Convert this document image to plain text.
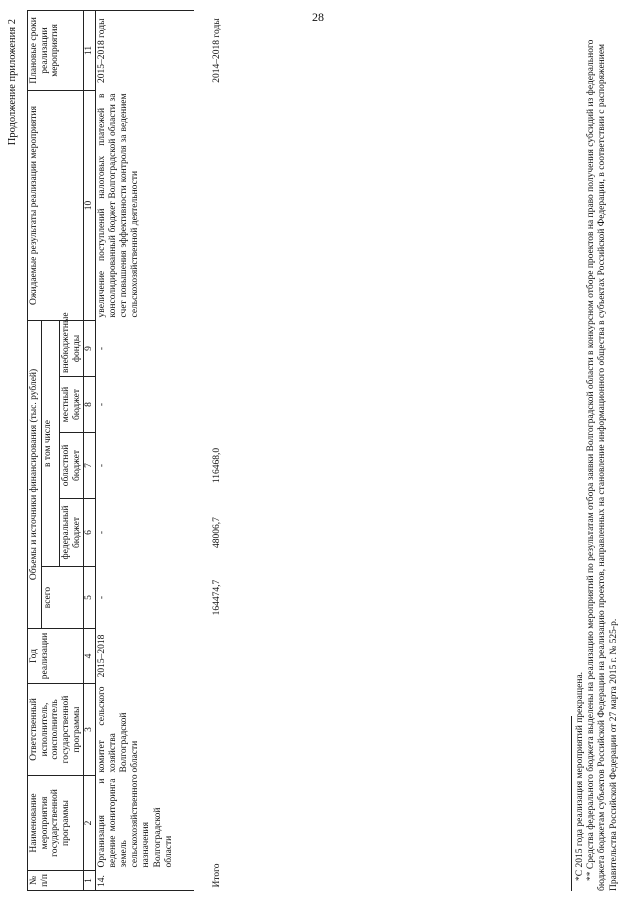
28
Продолжение приложения 2
№ п/п	Наименование мероприятия государственной программы	Ответственный исполнитель, соисполнитель государственной программы	Год реализации	Объемы и источники финансирования (тыс. рублей)					Ожидаемые результаты реализации мероприятия	Плановые сроки реализации мероприятия
				всего	в том числе					
					федеральный бюджет	областной бюджет	местный бюджет	внебюджетные фонды		
1	2	3	4	5	6	7	8	9	10	11
14.	Организация и ведение мониторинга земель сельскохозяйственного назначения Волгоградской области	комитет сельского хозяйства Волгоградской области	2015–2018	-	-	-	-	-	увеличение поступлений налоговых платежей в консолидированный бюджет Волгоградской области за счет повышения эффективности контроля за ведением сельскохозяйственной деятельности	2015–2018 годы
Итого				164474,7	48006,7	116468,0				2014–2018 годы

*С 2015 года реализация мероприятий прекращена. ** Средства федерального бюджета выделены на реализацию мероприятий по результатам отбора заявки Волгоградской области в конкурсном отборе проектов на право получения субсидий из федерального бюджета бюджетам субъектов Российской Федерации на реализацию проектов, направленных на становление информационного общества в субъектах Российской Федерации, в соответствии с распоряжением Правительства Российской Федерации от 27 марта 2015 г. № 525-р.
